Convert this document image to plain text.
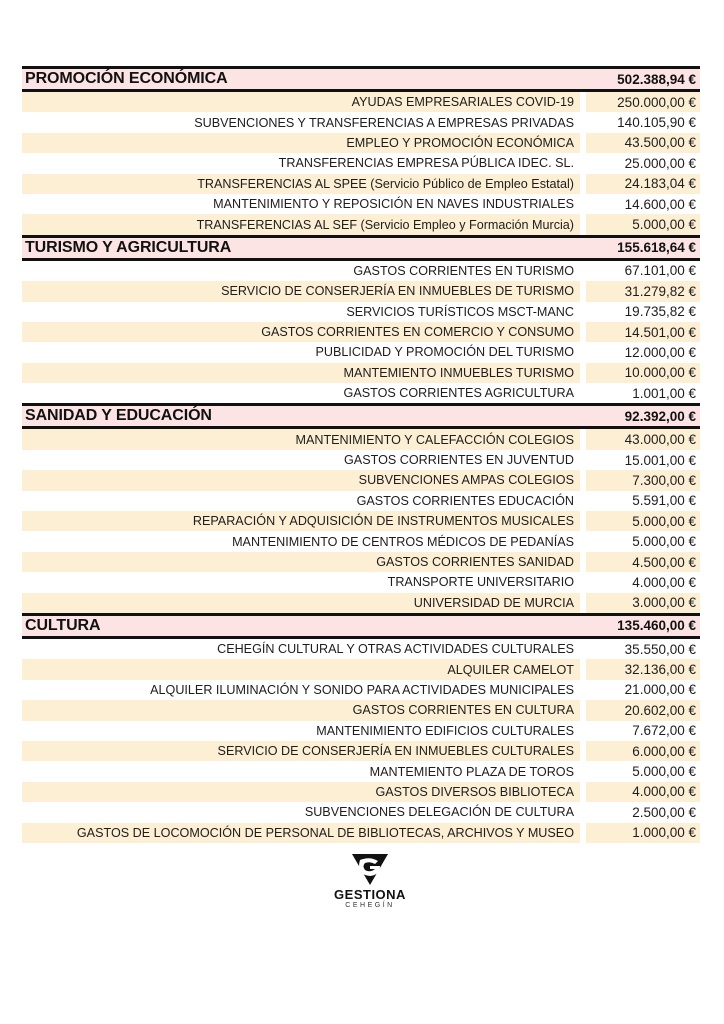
PROMOCIÓN ECONÓMICA	502.388,94 €
AYUDAS EMPRESARIALES COVID-19	250.000,00 €
SUBVENCIONES Y TRANSFERENCIAS A EMPRESAS PRIVADAS	140.105,90 €
EMPLEO Y PROMOCIÓN ECONÓMICA	43.500,00 €
TRANSFERENCIAS EMPRESA PÚBLICA IDEC. SL.	25.000,00 €
TRANSFERENCIAS AL SPEE (Servicio Público de Empleo Estatal)	24.183,04 €
MANTENIMIENTO Y REPOSICIÓN EN NAVES INDUSTRIALES	14.600,00 €
TRANSFERENCIAS AL SEF (Servicio Empleo y Formación Murcia)	5.000,00 €
TURISMO Y AGRICULTURA	155.618,64 €
GASTOS CORRIENTES EN TURISMO	67.101,00 €
SERVICIO DE CONSERJERÍA EN INMUEBLES DE TURISMO	31.279,82 €
SERVICIOS TURÍSTICOS MSCT-MANC	19.735,82 €
GASTOS CORRIENTES EN COMERCIO Y CONSUMO	14.501,00 €
PUBLICIDAD Y PROMOCIÓN DEL TURISMO	12.000,00 €
MANTEMIENTO INMUEBLES TURISMO	10.000,00 €
GASTOS CORRIENTES AGRICULTURA	1.001,00 €
SANIDAD Y EDUCACIÓN	92.392,00 €
MANTENIMIENTO Y CALEFACCIÓN COLEGIOS	43.000,00 €
GASTOS CORRIENTES EN JUVENTUD	15.001,00 €
SUBVENCIONES AMPAS COLEGIOS	7.300,00 €
GASTOS CORRIENTES EDUCACIÓN	5.591,00 €
REPARACIÓN Y ADQUISICIÓN DE INSTRUMENTOS MUSICALES	5.000,00 €
MANTENIMIENTO DE CENTROS MÉDICOS DE PEDANÍAS	5.000,00 €
GASTOS CORRIENTES SANIDAD	4.500,00 €
TRANSPORTE UNIVERSITARIO	4.000,00 €
UNIVERSIDAD DE MURCIA	3.000,00 €
CULTURA	135.460,00 €
CEHEGÍN CULTURAL Y OTRAS ACTIVIDADES CULTURALES	35.550,00 €
ALQUILER CAMELOT	32.136,00 €
ALQUILER ILUMINACIÓN Y SONIDO PARA ACTIVIDADES MUNICIPALES	21.000,00 €
GASTOS CORRIENTES EN CULTURA	20.602,00 €
MANTENIMIENTO EDIFICIOS CULTURALES	7.672,00 €
SERVICIO DE CONSERJERÍA EN INMUEBLES CULTURALES	6.000,00 €
MANTEMIENTO PLAZA DE TOROS	5.000,00 €
GASTOS DIVERSOS BIBLIOTECA	4.000,00 €
SUBVENCIONES DELEGACIÓN DE CULTURA	2.500,00 €
GASTOS DE LOCOMOCIÓN DE PERSONAL DE BIBLIOTECAS, ARCHIVOS Y MUSEO	1.000,00 €
GESTIONA
CEHEGÍN
